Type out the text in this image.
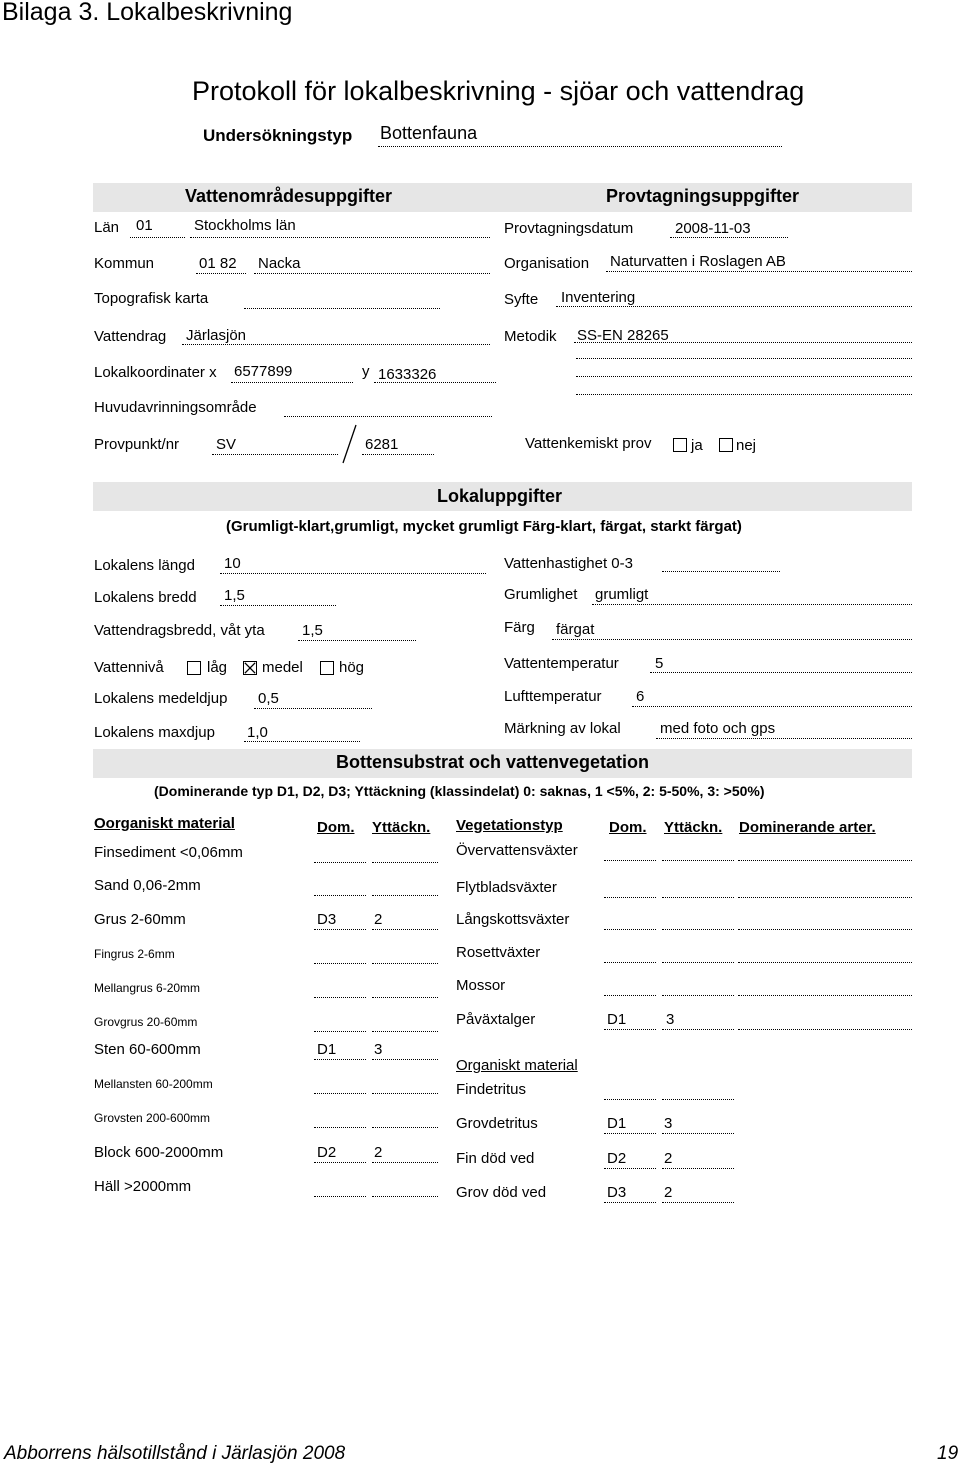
Bilaga 3. Lokalbeskrivning
Protokoll för lokalbeskrivning - sjöar och vattendrag
Undersökningstyp Bottenfauna
Vattenområdesuppgifter	Provtagningsuppgifter
Län 01	Stockholms län
Kommun	01 82 Nacka
Topografisk karta
Vattendrag Järlasjön
Lokalkoordinater x 6577899	y 1633326
Huvudavrinningsområde
Provpunkt/nr SV	6281
Provtagningsdatum	2008-11-03
Organisation Naturvatten i Roslagen AB
Syfte Inventering
Metodik SS-EN 28265
Vattenkemiskt prov	ja nej
Lokaluppgifter
(Grumligt-klart,grumligt, mycket grumligt Färg-klart, färgat, starkt färgat)
Lokalens längd 10
Lokalens bredd 1,5
Vattendragsbredd, våt yta 1,5
Vattennivå	låg medel hög
Lokalens medeldjup 0,5
Lokalens maxdjup 1,0
Vattenhastighet 0-3
Grumlighet grumligt
Färg färgat
Vattentemperatur 5
Lufttemperatur 6
Märkning av lokal	med foto och gps
Bottensubstrat och vattenvegetation
(Dominerande typ D1, D2, D3; Yttäckning (klassindelat) 0: saknas, 1 <5%, 2: 5-50%, 3: >50%)
Oorganiskt material	Dom. Yttäckn.
Finsediment <0,06mm
Sand 0,06-2mm
Grus 2-60mm	D3	2
Fingrus 2-6mm
Mellangrus 6-20mm
Grovgrus 20-60mm
Sten 60-600mm	D1	3
Mellansten 60-200mm
Grovsten 200-600mm
Block 600-2000mm	D2	2
Häll >2000mm
Vegetationstyp	Dom. Yttäckn. Dominerande arter.
Övervattensväxter
Flytbladsväxter
Långskottsväxter
Rosettväxter
Mossor
Påväxtalger	D1	3
Organiskt material
Findetritus
Grovdetritus	D1	3
Fin död ved	D2	2
Grov död ved	D3	2
Abborrens hälsotillstånd i Järlasjön 2008	19
